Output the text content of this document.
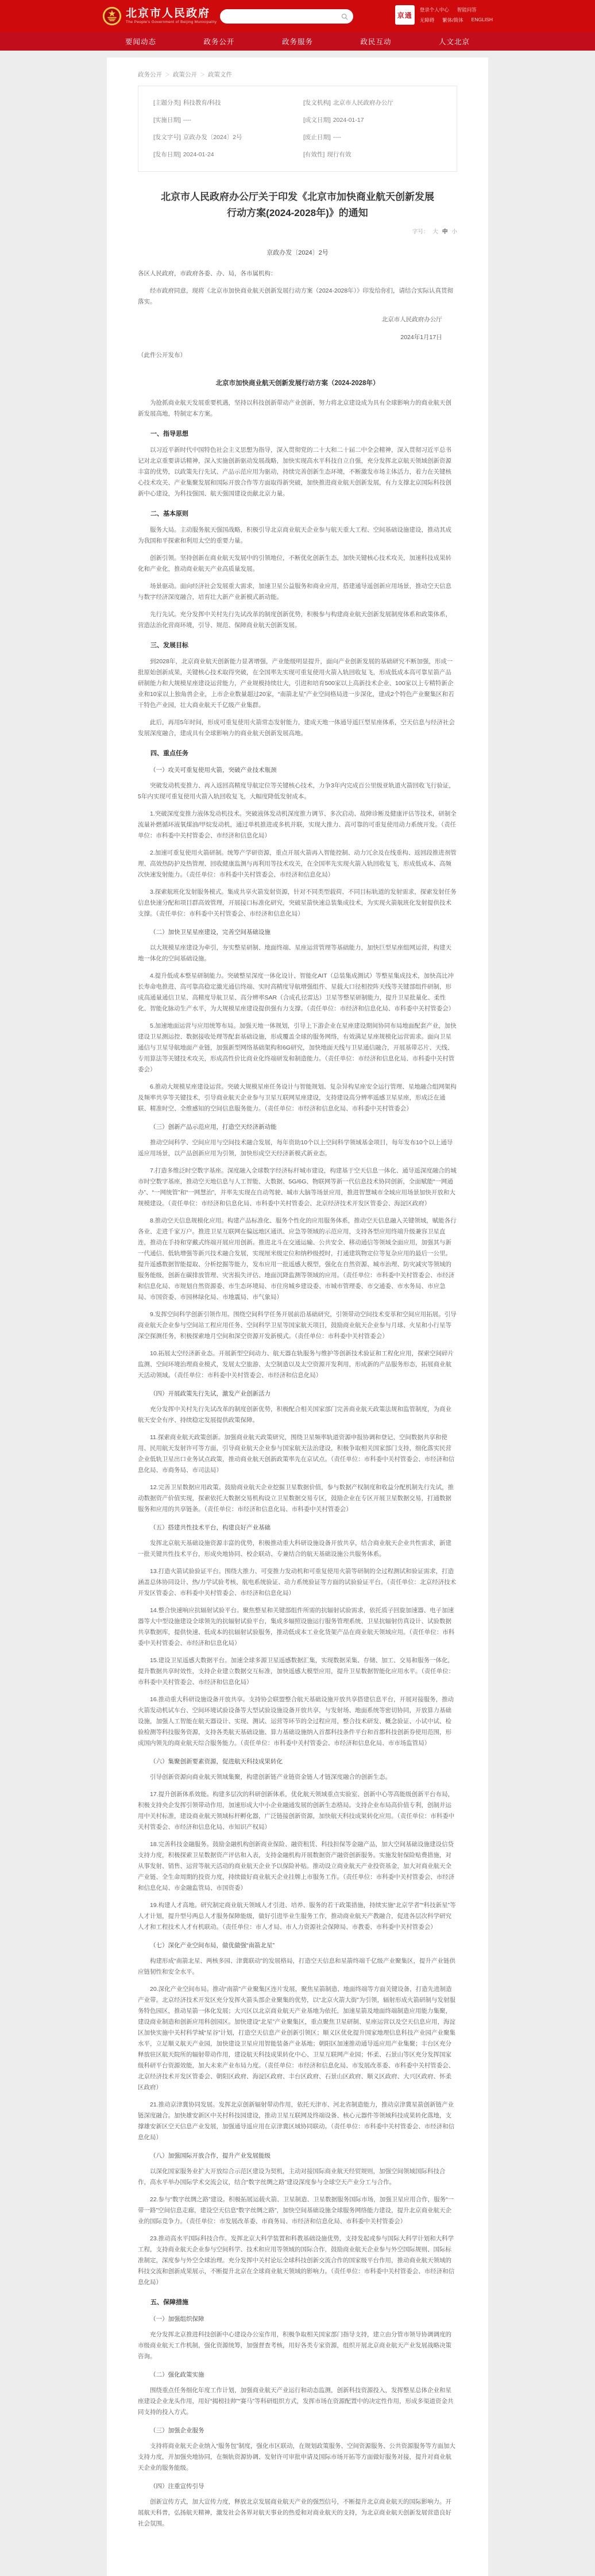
北京市人民政府
The People's Government of Beijing Municipality
京通
登录个人中心 智能问答
无障碍 繁体/简体 ENGLISH
要闻动态	政务公开	政务服务	政民互动	人文北京
政务公开 ＞ 政策公开 ＞ 政策文件
[主题分类] 科技教育/科技	[发文机构] 北京市人民政府办公厅
[实施日期] ----	[成文日期] 2024-01-17
[发文字号] 京政办发〔2024〕2号	[废止日期] ----
[发布日期] 2024-01-24	[有效性] 现行有效
北京市人民政府办公厅关于印发《北京市加快商业航天创新发展行动方案(2024-2028年)》的通知
字号： 大 中 小
京政办发〔2024〕2号
各区人民政府，市政府各委、办、局，各市属机构：
经市政府同意，现将《北京市加快商业航天创新发展行动方案（2024-2028年）》印发给你们，请结合实际认真贯彻落实。
北京市人民政府办公厅
2024年1月17日
（此件公开发布）
北京市加快商业航天创新发展行动方案（2024-2028年）
为抢抓商业航天发展重要机遇，坚持以科技创新带动产业创新，努力将北京建设成为具有全球影响力的商业航天创新发展高地，特制定本方案。
一、指导思想
以习近平新时代中国特色社会主义思想为指导，深入贯彻党的二十大和二十届二中全会精神，深入贯彻习近平总书记对北京重要讲话精神，深入实施创新驱动发展战略，加快实现高水平科技自立自强，充分发挥北京航天领域创新资源丰富的优势，以政策先行先试、产品示范应用为驱动，持续完善创新生态环境，不断激发市场主体活力，着力在关键核心技术攻关、产业集聚发展和国际开放合作等方面取得新突破，加快推进商业航天创新发展，有力支撑北京国际科技创新中心建设，为科技强国、航天强国建设贡献北京力量。
二、基本原则
服务大局。主动服务航天强国战略，积极引导北京商业航天企业参与航天重大工程、空间基础设施建设，推动其成为我国和平探索和利用太空的重要力量。
创新引领。坚持创新在商业航天发展中的引领地位，不断优化创新生态，加快关键核心技术攻关，加速科技成果转化和产业化，推动商业航天产业高质量发展。
场景驱动。面向经济社会发展重大需求，加速卫星公益服务和商业应用，搭建通导遥创新应用场景，推动空天信息与数字经济深度融合，培育壮大新产业新模式新动能。
先行先试。充分发挥中关村先行先试改革的制度创新优势，积极参与构建商业航天创新发展制度体系和政策体系，营造法治化营商环境，引导、规范、保障商业航天创新发展。
三、发展目标
到2028年，北京商业航天创新能力显著增强，产业能级明显提升，面向产业创新发展的基础研究不断加强，形成一批原始创新成果，关键核心技术取得突破，在全国率先实现可重复使用火箭入轨回收复飞，形成低成本高可靠星箭产品研制能力和大规模星座建设运营能力，产业规模持续壮大，引进和培育500家以上高新技术企业、100家以上专精特新企业和10家以上独角兽企业，上市企业数量超过20家，“南箭北星”产业空间格局进一步深化，建成2个特色产业聚集区和若干特色产业园，壮大商业航天千亿级产业集群。
此后，再用5年时间，形成可重复使用火箭常态发射能力，建成天地一体通导遥巨型星座体系，空天信息与经济社会发展深度融合，建成具有全球影响力的商业航天创新发展高地。
四、重点任务
（一）攻关可重复使用火箭，突破产业技术瓶颈
突破发动机变推力、再入返回高精度导航定位等关键核心技术，力争3年内完成百公里级亚轨道火箭回收飞行验证，5年内实现可重复使用火箭入轨回收复飞，大幅度降低发射成本。
1.突破深度变推力液体发动机技术。突破液体发动机深度推力调节、多次启动、故障诊断及健康评估等技术，研制全流量补燃循环液氧煤油/甲烷发动机，通过单机推进或多机并联，实现大推力、高可靠的可重复使用动力系统开发。（责任单位：市科委中关村管委会、市经济和信息化局）
2.加速可重复使用火箭研制。统筹产学研资源，重点开展火箭再入智能控制、动力冗余及在线重构、返回段推进剂管理、高效热防护及热管理、回收健康监测与再利用等技术攻关，在全国率先实现火箭入轨回收复飞，形成低成本、高频次快速发射能力。（责任单位：市科委中关村管委会、市经济和信息化局）
3.探索航班化发射服务模式。集成共享火箭发射资源，针对不同类型载荷、不同目标轨道的发射需求，探索发射任务信息快速分配和项目群高效管理，开展接口标准化研究，突破星箭快速总装集成技术，为实现火箭航班化发射提供技术支撑。（责任单位：市科委中关村管委会、市经济和信息化局）
（二）加快卫星星座建设，完善空间基础设施
以大规模星座建设为牵引，夯实整星研制、地面终端、星座运营管理等基础能力，加快巨型星座组网运营，构建天地一体化的空间基础设施。
4.提升低成本整星研制能力。突破整星深度一体化设计、智能化AIT（总装集成测试）等整星集成技术，加快高比冲长寿命电推进、高可靠高稳定激光通信终端、实时高精度导航增强组件、星载大口径相控阵天线等关键部组件研制，形成高通量通信卫星、高精度导航卫星、高分辨率SAR（合成孔径雷达）卫星等整星研制能力，提升卫星批量化、柔性化、智能化脉动生产水平，为大规模星座建设提供强有力支撑。（责任单位：市经济和信息化局、市科委中关村管委会）
5.加速地面运营与应用统筹布局。加强天地一体规划，引导上下游企业在星座建设期间协同布局地面配套产业，加快建设卫星测运控、数据接收处理等配套基础设施，形成覆盖全球的服务网络，有效满足星座规模化运营需求。面向卫星通信与卫星导航地面产业链，加强新型网络基础架构和6G研究，加快地面天线与卫星通信融合，开展基带芯片、天线、专用算法等关键技术攻关，形成高性价比商业化终端研发和制造能力。（责任单位：市经济和信息化局、市科委中关村管委会）
6.推动大规模星座建设运营。突破大规模星座任务设计与智能规划、复杂异构星座安全运行管理、星地融合组网架构及频率共享等关键技术，引导商业航天企业参与卫星互联网星座建设，支持建设高分辨率遥感卫星星座，形成泛在通联、精准时空、全维感知的空间信息服务能力。（责任单位：市经济和信息化局、市科委中关村管委会）
（三）创新产品示范应用，打造空天经济新动能
推动空间科学、空间应用与空间技术融合发展，每年资助10个以上空间科学领域基金项目，每年发布10个以上通导遥应用场景，以产品创新应用为引领，加快形成空天经济新模式新业态。
7.打造多维泛时空数字基座。深度融入全球数字经济标杆城市建设，构建基于空天信息一体化、通导遥深度融合的城市时空数字基座，推动空天地信息与人工智能、大数据、5G/6G、物联网等新一代信息技术协同创新，全面赋能“一网通办”、“一网统管”和“一网慧治”，并率先实现在自动驾驶、城市大脑等场景应用，推进智慧城市全域应用场景加快开放和大规模建设。（责任单位：市经济和信息化局、市科委中关村管委会、北京经济技术开发区管委会、海淀区政府）
8.推动空天信息规模化应用。构建产品标准化、服务个性化的应用服务体系，推动空天信息融入关键领域，赋能各行各业、走进千家万户。推进卫星互联网在偏远地区通讯、应急等领域的示范应用，支持各型应用终端升级兼容卫星直连，推动在手持和穿戴式终端开展应用创新。推进北斗在交通运输、公共安全、移动通信等领域全面应用，加强其与新一代通信、低轨增强等新兴技术融合发展，实现厘米级定位和纳秒级授时，打通建筑物定位等复杂应用的最后一公里。提升遥感数据智能提取、分析挖掘等能力，发布应用一批遥感大模型，强化在自然资源、城市治理、防灾减灾等领域的服务能级，创新在碳排放管理、灾害损失评估、地面沉降监测等领域的应用。（责任单位：市科委中关村管委会、市经济和信息化局、市规划自然资源委、市生态环境局、市住房城乡建设委、市城市管理委、市交通委、市水务局、市应急局、市国资委、市园林绿化局、市地震局、市气象局）
9.发挥空间科学创新引领作用。围绕空间科学任务开展前沿基础研究，引领带动空间技术变革和空间应用拓展。引导商业航天企业参与空间站工程应用任务、空间科学卫星等国家航天项目，鼓励商业航天企业参与月球、火星和小行星等深空探测任务，积极探索地月空间和深空资源开发新模式。（责任单位：市科委中关村管委会）
10.拓展太空经济新业态。开展新型空间动力、航天器在轨服务与维护等创新技术验证和工程化应用，探索空间碎片监测、空间环境治理商业模式，发展太空旅游、太空制造以及太空资源开发利用，形成新的产品服务形态，拓展商业航天活动领域。（责任单位：市科委中关村管委会、市经济和信息化局）
（四）开展政策先行先试，激发产业创新活力
充分发挥中关村先行先试改革的制度创新优势，积极配合相关国家部门完善商业航天政策法规和监管制度，为商业航天安全有序、持续稳定发展提供政策保障。
11.探索商业航天政策创新。加强商业航天政策研究，围绕卫星频率轨道资源申报协调和登记、空间数据共享和使用、民用航天发射许可等方面，引导商业航天企业参与国家航天法治建设，积极争取相关国家部门支持，细化落实民营企业低轨卫星出口业务试点政策，推动商业航天创新政策率先在京试点。（责任单位：市科委中关村管委会、市经济和信息化局、市商务局、市司法局）
12.完善卫星数据应用政策。鼓励商业航天企业挖掘卫星数据价值，参与数据产权制度和收益分配机制先行先试，推动数据资产价值实现，探索依托大数据交易机构设立卫星数据交易专区，鼓励企业在专区开展卫星数据交易，打通数据服务和应用的共享链条。（责任单位：市经济和信息化局、市科委中关村管委会）
（五）搭建共性技术平台，构建良好产业基础
发挥北京航天基础设施资源丰富的优势，积极推动重大科研设施设备开放共享，结合商业航天企业共性需求，新建一批关键共性技术平台，形成央地协同、校企联动、专兼结合的航天基础设施公共服务体系。
13.打造火箭试验验证平台。围绕大推力、可变推力发动机和可重复使用火箭等研制的全过程测试和验证需求，打造涵盖总体协同设计、热/力学试验考核、航电系统验证、动力系统验证等方面的试验验证平台。（责任单位：北京经济技术开发区管委会、市科委中关村管委会、市经济和信息化局）
14.整合快速响应抗辐射试验平台。聚焦整星和关键部组件所需的抗辐射试验需求，依托质子回旋加速器、电子加速器等大中型设施建设全球领先的抗辐射试验平台，集成多辐照设施运行服务管理系统、卫星抗辐射仿真设计、试验数据共享数据库，提供快速、低成本的抗辐射试验服务，推动低成本工业化货架产品在商业航天领域应用。（责任单位：市科委中关村管委会、市经济和信息化局）
15.建设卫星遥感大数据平台。加速全球多源卫星遥感数据汇集，实现数据采集、存储、加工、交易和服务一体化，提升数据共享时效性，支持企业建立数据交互标准，加快遥感大模型应用，提升卫星数据智能化应用水平。（责任单位：市科委中关村管委会、市经济和信息化局）
16.推动重大科研设施设备开放共享。支持协会联盟整合航天基础设施开放共享搭建信息平台，开展对接服务，推动火箭发动机试车台、空间环境试验设备等大型试验设施设备开放共享，与发射场、地面系统等密切协同，开放算力基础设施，加强人工智能在航天器设计、实现、测试、运营等环节的全过程应用，整合技术研发、概念验证、小试中试、检验检测等科技服务资源，支持各类航天基础设施、算力基础设施纳入首都科技条件平台和首都科技创新券使用范围，形成国内领先的商业航天综合服务能力。（责任单位：市科委中关村管委会、市经济和信息化局、市市场监管局）
（六）集聚创新要素资源，促进航天科技成果转化
引导创新资源向商业航天领域集聚，构建创新链产业链资金链人才链深度融合的创新生态。
17.提升创新体系效能。构建多层次的科研创新体系，优化航天领域重点实验室、创新中心等高能级创新平台布局，积极支持央企发挥引领带动作用，加速形成大中小企业融通发展的创新生态格局。支持企业布局高价值专利，创制并运用中关村标准，建设商业航天领域标杆孵化器，广泛链接创新资源，加快航天科技成果转化应用。（责任单位：市科委中关村管委会、市经济和信息化局、市知识产权局）
18.完善科技金融服务。鼓励金融机构创新商业保险、融资租赁、科技担保等金融产品，加大空间基础设施建设信贷支持力度，积极探索卫星数据资产评估和入表，支持金融机构开展数据资产融资创新服务。实施发射保险贴费措施，对从事发射、销售、运营等航天活动的商业航天企业予以保险补贴。推动设立商业航天产业投资基金，加大对商业航天全产业链、全生命周期的投资力度，持续做好商业航天企业挂牌上市服务工作。（责任单位：市科委中关村管委会、市经济和信息化局、市金融监管局、市国资委）
19.构建人才高地。研究制定商业航天领域人才引进、培养、服务的若干政策措施，持续实施“北京学者”“科技新星”等人才计划，提升型号两总人才服务保障能级，做好引进毕业生服务工作，推动商业航天产教融合，促进各层次科学研究人才和工程技术人才有机联动。（责任单位：市人才局、市人力资源社会保障局、市教委、市科委中关村管委会）
（七）深化产业空间布局，做优做强“南箭北星”
构建形成“南箭北星、两核多园、津冀联动”的发展格局，打造空天信息和星箭终端千亿级产业聚集区，提升产业链供应链韧性和安全水平。
20.深化产业空间布局。推动“南箭”产业聚集区连片发展，聚焦星箭制造、地面终端等方面关键设备，打造先进制造产业带。北京经济技术开发区充分发挥火箭头部企业聚集的优势，以“北京火箭大街”为引领，辐射形成火箭研制与发射服务特色园区，推动星箭一体化发展；大兴区以北京商业航天产业基地为依托，加速星箭及地面终端制造应用能力集聚，建设商业制造和创新应用科创园区。加快建设“北星”产业聚集区，重点聚焦卫星研制、星座运营以及空天信息应用，海淀区加快实施中关村科学城“星谷”计划，打造空天信息产业创新引领区；顺义区优化提升国家地理信息科技产业园产业聚集水平，立足顺义航天产业园，加快建设卫星应用智能装备产业基地；朝阳区加速推动通导遥应用产业集聚；丰台区充分释放驻区航天院所的辐射带动作用，建设航天科技成果转化中心、卫星互联网产业园；怀柔、石景山等区充分发挥国家级科研平台资源效能，加大未来产业布局力度。（责任单位：市经济和信息化局、市发展改革委、市科委中关村管委会、北京经济技术开发区管委会、朝阳区政府、海淀区政府、丰台区政府、石景山区政府、顺义区政府、大兴区政府、怀柔区政府）
21.推动京津冀协同发展。发挥北京创新辐射带动作用，依托天津市、河北省制造能力，推动京津冀星箭创新链产业链深度融合。加快雄安新区中关村科技园建设，推动卫星互联网及终端设备、核心元器件等领域科技成果转化落地，支撑雄安新区空天信息产业发展，加强通导遥应用在京津冀区域协同联动。（责任单位：市科委中关村管委会、市经济和信息化局）
（八）加强国际开放合作，提升产业发展能级
以深化国家服务业扩大开放综合示范区建设为契机，主动对接国际商业航天经贸规则，加强空间领域国际科技合作，高水平举办国际学术交流会议，结合“数字丝绸之路”建设深度参与全球空天产业分工与合作。
22.参与“数字丝绸之路”建设。积极拓展运载火箭、卫星制造、卫星数据服务国际市场，加强卫星应用合作，服务“一带一路”空间信息走廊，建设空天信息“数字丝绸之路”，加快空间基础设施全球服务网络能力建设，提升北京商业航天企业的国际竞争力。（责任单位：市发展改革委、市商务局、市经济和信息化局、市科委中关村管委会）
23.推动高水平国际科技合作。发挥北京大科学装置和科教基础设施优势，支持发起或参与国际大科学计划和大科学工程，支持商业航天企业参与空间科学、技术和应用等领域的国际合作，鼓励商业航天企业参与外空国际规则、国际标准制定，深度参与外空全球治理。充分发挥中关村论坛全球科技创新交流合作的国家级平台作用，推动商业航天领域的科技交流和创新成果展示，不断提升北京在全球商业航天领域的影响力。（责任单位：市科委中关村管委会、市经济和信息化局）
五、保障措施
（一）加强组织保障
充分发挥北京推进科技创新中心建设办公室作用，积极争取相关国家部门指导支持，建立由分管市领导协调调度的市级商业航天工作机制，强化资源统筹，加强督查考核，用好各类专家资源，组织开展北京商业航天产业发展战略决策咨询。
（二）强化政策实施
围绕重点任务细化年度工作计划，加强商业航天产业运行和动态监测，创新科技资源投入，发挥整星总体企业和星座建设企业龙头作用，用好“揭榜挂帅”“赛马”等科研组织方式，发挥市场在资源配置中的决定性作用，形成多渠道资金共同支持的投入方式。
（三）加强企业服务
支持将商业航天企业纳入“服务包”制度，强化市区联动，在规划政策服务、空间资源服务、公共资源服务等方面加大支持力度，并加强央地协同，在频轨资源协调、发射许可审批申请及国际市场开拓等方面做好服务对接，提升对商业航天企业的服务能级。
（四）注重宣传引导
创新宣传方式，加大宣传力度，释放北京发展商业航天产业的强烈信号，不断提升北京商业航天的国际影响力。开展航天科普，弘扬航天精神，激发社会各界对航天事业的热爱和对商业航天的支持，为北京商业航天创新发展营造良好社会氛围。
